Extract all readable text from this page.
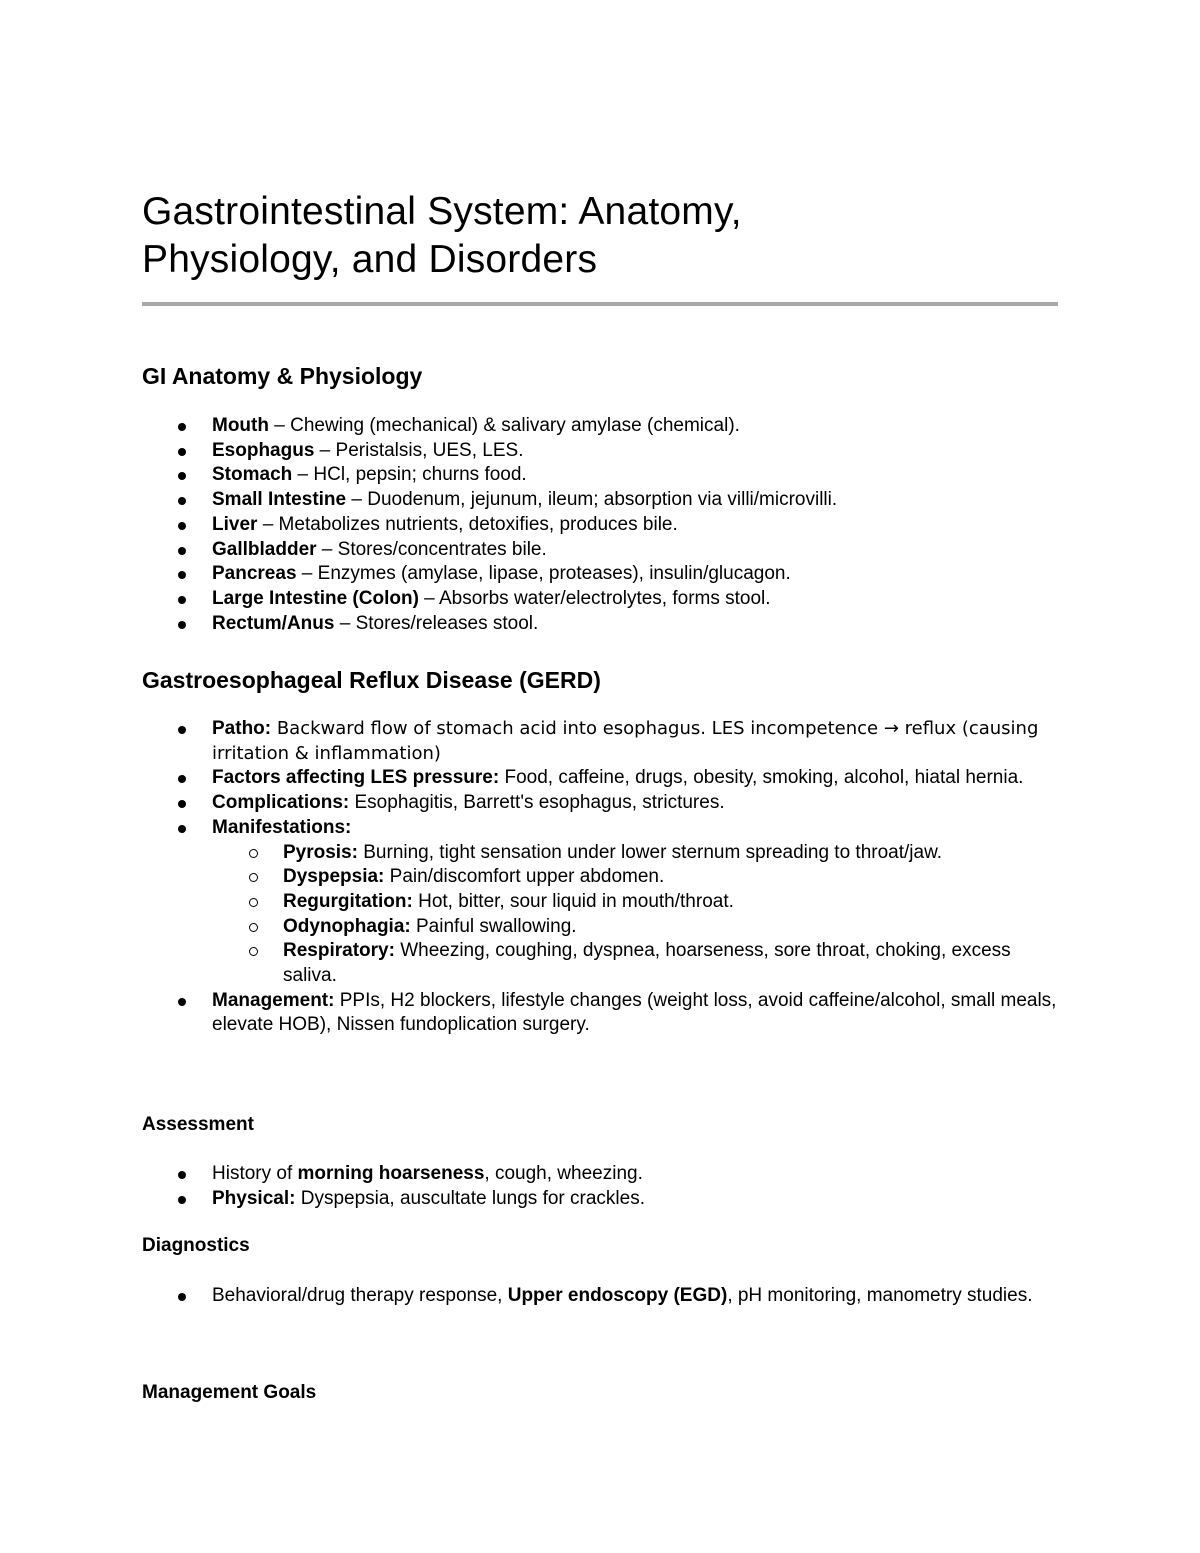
Gastrointestinal System: Anatomy,
Physiology, and Disorders
GI Anatomy & Physiology
Mouth – Chewing (mechanical) & salivary amylase (chemical).
Esophagus – Peristalsis, UES, LES.
Stomach – HCl, pepsin; churns food.
Small Intestine – Duodenum, jejunum, ileum; absorption via villi/microvilli.
Liver – Metabolizes nutrients, detoxifies, produces bile.
Gallbladder – Stores/concentrates bile.
Pancreas – Enzymes (amylase, lipase, proteases), insulin/glucagon.
Large Intestine (Colon) – Absorbs water/electrolytes, forms stool.
Rectum/Anus – Stores/releases stool.
Gastroesophageal Reflux Disease (GERD)
Patho: Backward flow of stomach acid into esophagus. LES incompetence → reflux (causing irritation & inflammation)
Factors affecting LES pressure: Food, caffeine, drugs, obesity, smoking, alcohol, hiatal hernia.
Complications: Esophagitis, Barrett's esophagus, strictures.
Manifestations:
Pyrosis: Burning, tight sensation under lower sternum spreading to throat/jaw.
Dyspepsia: Pain/discomfort upper abdomen.
Regurgitation: Hot, bitter, sour liquid in mouth/throat.
Odynophagia: Painful swallowing.
Respiratory: Wheezing, coughing, dyspnea, hoarseness, sore throat, choking, excess saliva.
Management: PPIs, H2 blockers, lifestyle changes (weight loss, avoid caffeine/alcohol, small meals, elevate HOB), Nissen fundoplication surgery.
Assessment
History of morning hoarseness, cough, wheezing.
Physical: Dyspepsia, auscultate lungs for crackles.
Diagnostics
Behavioral/drug therapy response, Upper endoscopy (EGD), pH monitoring, manometry studies.
Management Goals
